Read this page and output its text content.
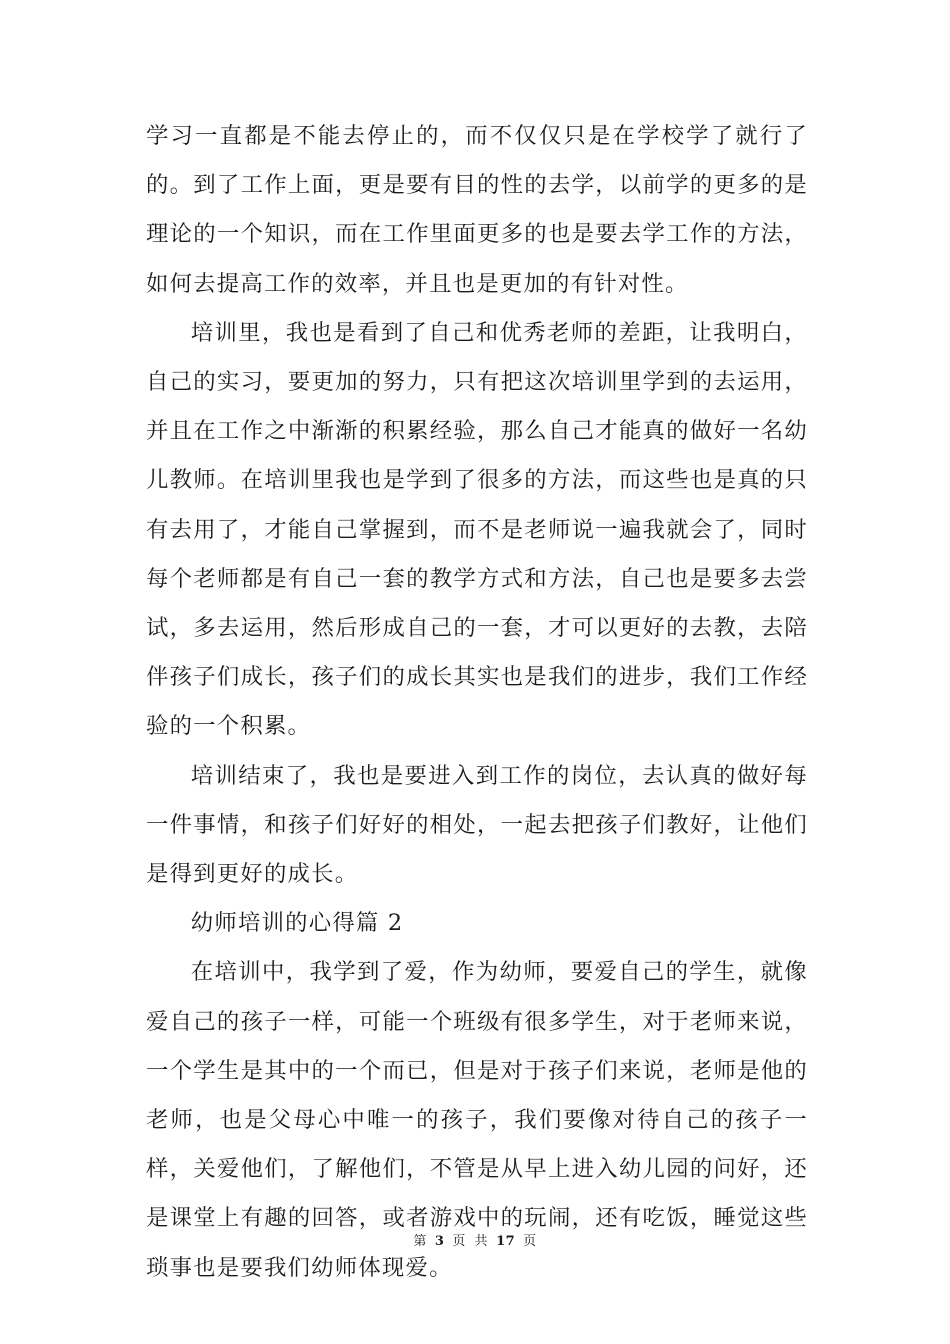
学习一直都是不能去停止的，而不仅仅只是在学校学了就行了的。到了工作上面，更是要有目的性的去学，以前学的更多的是理论的一个知识，而在工作里面更多的也是要去学工作的方法，如何去提高工作的效率，并且也是更加的有针对性。

培训里，我也是看到了自己和优秀老师的差距，让我明白，自己的实习，要更加的努力，只有把这次培训里学到的去运用，并且在工作之中渐渐的积累经验，那么自己才能真的做好一名幼儿教师。在培训里我也是学到了很多的方法，而这些也是真的只有去用了，才能自己掌握到，而不是老师说一遍我就会了，同时每个老师都是有自己一套的教学方式和方法，自己也是要多去尝试，多去运用，然后形成自己的一套，才可以更好的去教，去陪伴孩子们成长，孩子们的成长其实也是我们的进步，我们工作经验的一个积累。

培训结束了，我也是要进入到工作的岗位，去认真的做好每一件事情，和孩子们好好的相处，一起去把孩子们教好，让他们是得到更好的成长。

幼师培训的心得篇 2

在培训中，我学到了爱，作为幼师，要爱自己的学生，就像爱自己的孩子一样，可能一个班级有很多学生，对于老师来说，一个学生是其中的一个而已，但是对于孩子们来说，老师是他的老师，也是父母心中唯一的孩子，我们要像对待自己的孩子一样，关爱他们，了解他们，不管是从早上进入幼儿园的问好，还是课堂上有趣的回答，或者游戏中的玩闹，还有吃饭，睡觉这些琐事也是要我们幼师体现爱。

第 3 页 共 17 页
